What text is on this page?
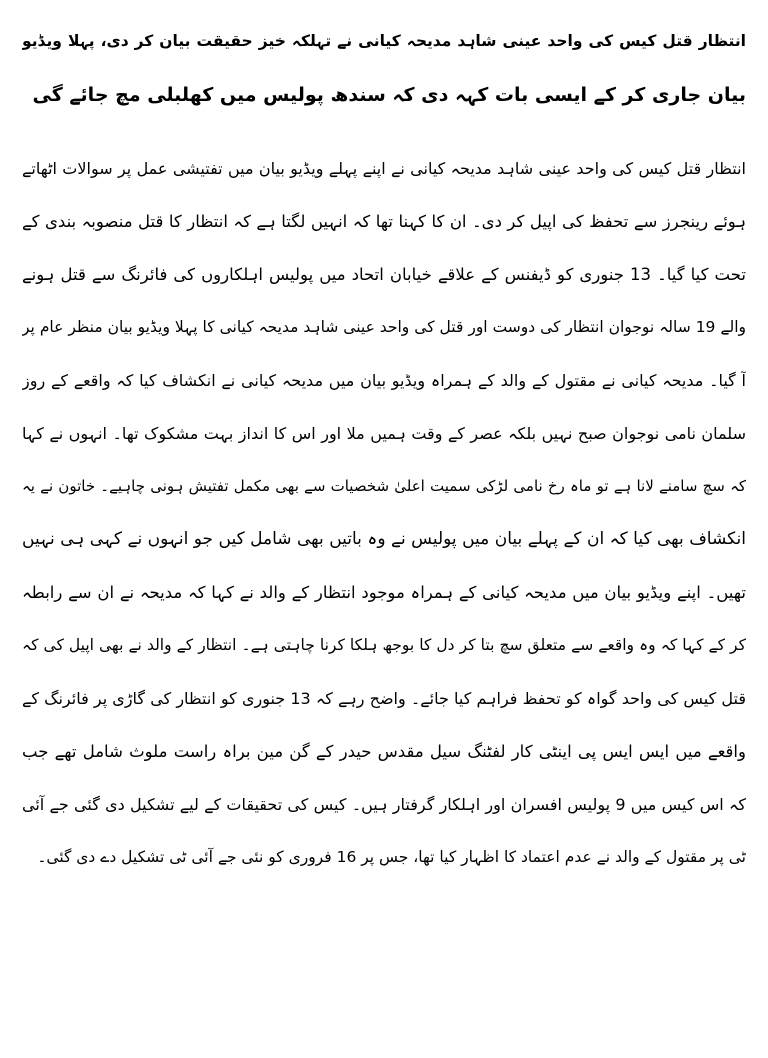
انتظار قتل کیس کی واحد عینی شاہد مدیحہ کیانی نے تہلکہ خیز حقیقت بیان کر دی، پہلا ویڈیو
بیان جاری کر کے ایسی بات کہہ دی کہ سندھ پولیس میں کھلبلی مچ جائے گی
انتظار قتل کیس کی واحد عینی شاہد مدیحہ کیانی نے اپنے پہلے ویڈیو بیان میں تفتیشی عمل پر سوالات اٹھاتے
ہوئے رینجرز سے تحفظ کی اپیل کر دی۔ ان کا کہنا تھا کہ انہیں لگتا ہے کہ انتظار کا قتل منصوبہ بندی کے
تحت کیا گیا۔ 13 جنوری کو ڈیفنس کے علاقے خیابان اتحاد میں پولیس اہلکاروں کی فائرنگ سے قتل ہونے
والے 19 سالہ نوجوان انتظار کی دوست اور قتل کی واحد عینی شاہد مدیحہ کیانی کا پہلا ویڈیو بیان منظر عام پر
آ گیا۔ مدیحہ کیانی نے مقتول کے والد کے ہمراہ ویڈیو بیان میں مدیحہ کیانی نے انکشاف کیا کہ واقعے کے روز
سلمان نامی نوجوان صبح نہیں بلکہ عصر کے وقت ہمیں ملا اور اس کا انداز بہت مشکوک تھا۔ انہوں نے کہا
کہ سچ سامنے لانا ہے تو ماہ رخ نامی لڑکی سمیت اعلیٰ شخصیات سے بھی مکمل تفتیش ہونی چاہیے۔ خاتون نے یہ
انکشاف بھی کیا کہ ان کے پہلے بیان میں پولیس نے وہ باتیں بھی شامل کیں جو انہوں نے کہی ہی نہیں
تھیں۔ اپنے ویڈیو بیان میں مدیحہ کیانی کے ہمراہ موجود انتظار کے والد نے کہا کہ مدیحہ نے ان سے رابطہ
کر کے کہا کہ وہ واقعے سے متعلق سچ بتا کر دل کا بوجھ ہلکا کرنا چاہتی ہے۔ انتظار کے والد نے بھی اپیل کی کہ
قتل کیس کی واحد گواہ کو تحفظ فراہم کیا جائے۔ واضح رہے کہ 13 جنوری کو انتظار کی گاڑی پر فائرنگ کے
واقعے میں ایس ایس پی اینٹی کار لفٹنگ سیل مقدس حیدر کے گن مین براہ راست ملوث شامل تھے جب
کہ اس کیس میں 9 پولیس افسران اور اہلکار گرفتار ہیں۔ کیس کی تحقیقات کے لیے تشکیل دی گئی جے آئی
ٹی پر مقتول کے والد نے عدم اعتماد کا اظہار کیا تھا، جس پر 16 فروری کو نئی جے آئی ٹی تشکیل دے دی گئی۔
